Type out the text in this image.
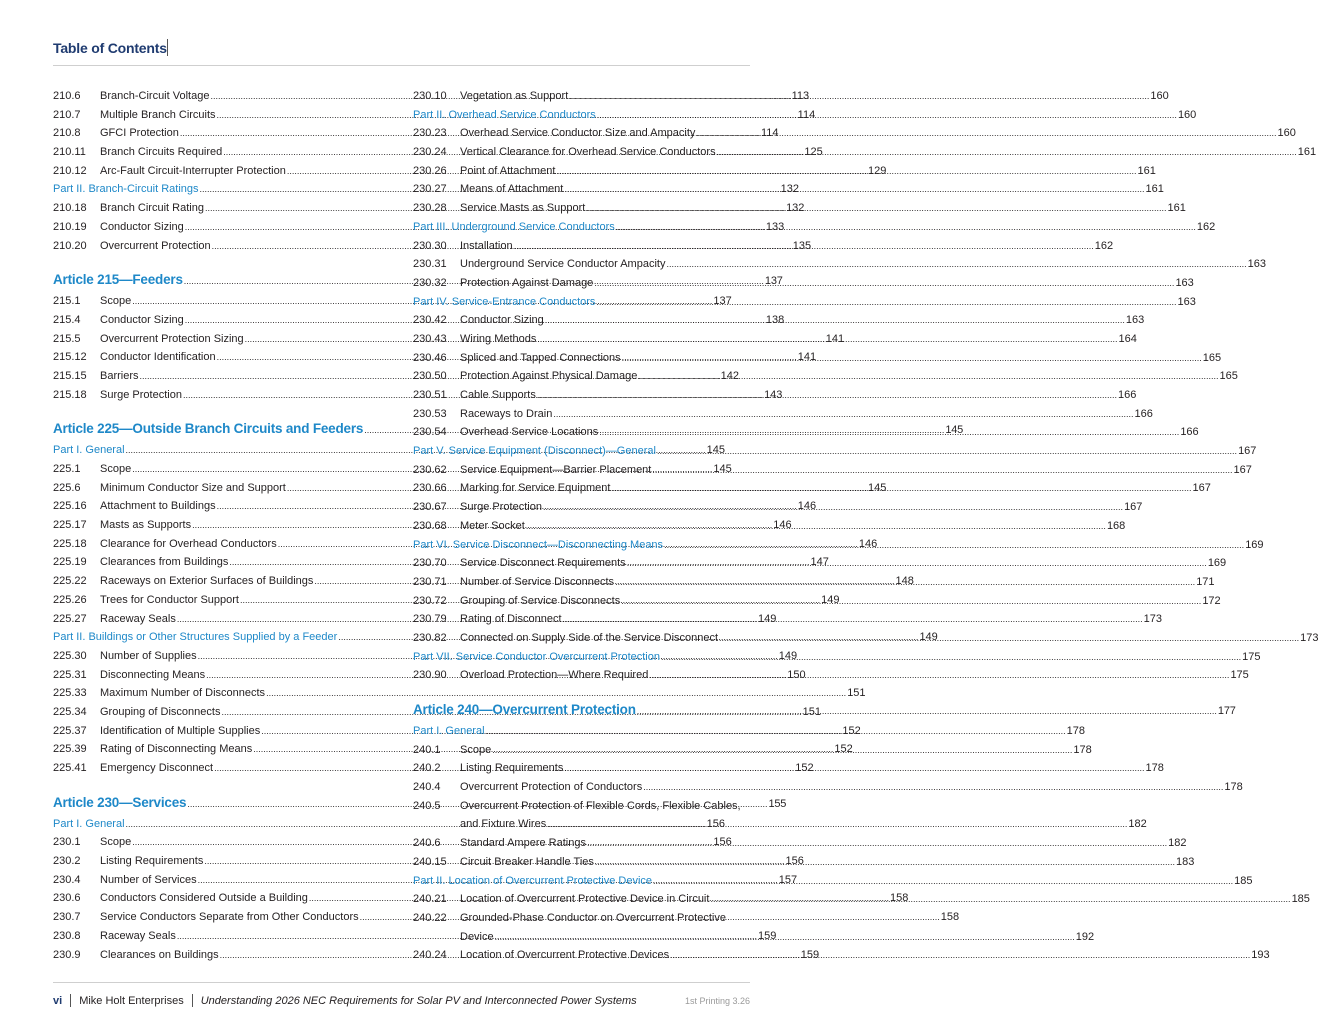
Table of Contents
210.6	Branch-Circuit Voltage .....	113
210.7	Multiple Branch Circuits .....	114
210.8	GFCI Protection .....	114
210.11	Branch Circuits Required .....	125
210.12	Arc-Fault Circuit-Interrupter Protection .....	129
Part II. Branch-Circuit Ratings .....	132
210.18	Branch Circuit Rating .....	132
210.19	Conductor Sizing .....	133
210.20	Overcurrent Protection .....	135
Article 215—Feeders .....	137
215.1	Scope .....	137
215.4	Conductor Sizing .....	138
215.5	Overcurrent Protection Sizing .....	141
215.12	Conductor Identification .....	141
215.15	Barriers .....	142
215.18	Surge Protection .....	143
Article 225—Outside Branch Circuits and Feeders .....	145
Part I. General .....	145
225.1	Scope .....	145
225.6	Minimum Conductor Size and Support .....	145
225.16	Attachment to Buildings .....	146
225.17	Masts as Supports .....	146
225.18	Clearance for Overhead Conductors .....	146
225.19	Clearances from Buildings .....	147
225.22	Raceways on Exterior Surfaces of Buildings .....	148
225.26	Trees for Conductor Support .....	149
225.27	Raceway Seals .....	149
Part II. Buildings or Other Structures Supplied by a Feeder .....	149
225.30	Number of Supplies .....	149
225.31	Disconnecting Means .....	150
225.33	Maximum Number of Disconnects .....	151
225.34	Grouping of Disconnects .....	151
225.37	Identification of Multiple Supplies .....	152
225.39	Rating of Disconnecting Means .....	152
225.41	Emergency Disconnect .....	152
Article 230—Services .....	155
Part I. General .....	156
230.1	Scope .....	156
230.2	Listing Requirements .....	156
230.4	Number of Services .....	157
230.6	Conductors Considered Outside a Building .....	158
230.7	Service Conductors Separate from Other Conductors .....	158
230.8	Raceway Seals .....	159
230.9	Clearances on Buildings .....	159
230.10	Vegetation as Support .....	160
Part II. Overhead Service Conductors .....	160
230.23	Overhead Service Conductor Size and Ampacity .....	160
230.24	Vertical Clearance for Overhead Service Conductors .....	161
230.26	Point of Attachment .....	161
230.27	Means of Attachment .....	161
230.28	Service Masts as Support .....	161
Part III. Underground Service Conductors .....	162
230.30	Installation .....	162
230.31	Underground Service Conductor Ampacity .....	163
230.32	Protection Against Damage .....	163
Part IV. Service-Entrance Conductors .....	163
230.42	Conductor Sizing .....	163
230.43	Wiring Methods .....	164
230.46	Spliced and Tapped Connections .....	165
230.50	Protection Against Physical Damage .....	165
230.51	Cable Supports .....	166
230.53	Raceways to Drain .....	166
230.54	Overhead Service Locations .....	166
Part V. Service Equipment (Disconnect)—General .....	167
230.62	Service Equipment—Barrier Placement .....	167
230.66	Marking for Service Equipment .....	167
230.67	Surge Protection .....	167
230.68	Meter Socket .....	168
Part VI. Service Disconnect—Disconnecting Means .....	169
230.70	Service Disconnect Requirements .....	169
230.71	Number of Service Disconnects .....	171
230.72	Grouping of Service Disconnects .....	172
230.79	Rating of Disconnect .....	173
230.82	Connected on Supply Side of the Service Disconnect .....	173
Part VII. Service Conductor Overcurrent Protection .....	175
230.90	Overload Protection—Where Required .....	175
Article 240—Overcurrent Protection .....	177
Part I. General .....	178
240.1	Scope .....	178
240.2	Listing Requirements .....	178
240.4	Overcurrent Protection of Conductors .....	178
240.5	Overcurrent Protection of Flexible Cords, Flexible Cables,
and Fixture Wires .....	182
240.6	Standard Ampere Ratings .....	182
240.15	Circuit Breaker Handle Ties .....	183
Part II. Location of Overcurrent Protective Device .....	185
240.21	Location of Overcurrent Protective Device in Circuit .....	185
240.22	Grounded-Phase Conductor on Overcurrent Protective
Device .....	192
240.24	Location of Overcurrent Protective Devices .....	193
vi Mike Holt Enterprises Understanding 2026 NEC Requirements for Solar PV and Interconnected Power Systems	1st Printing 3.26
